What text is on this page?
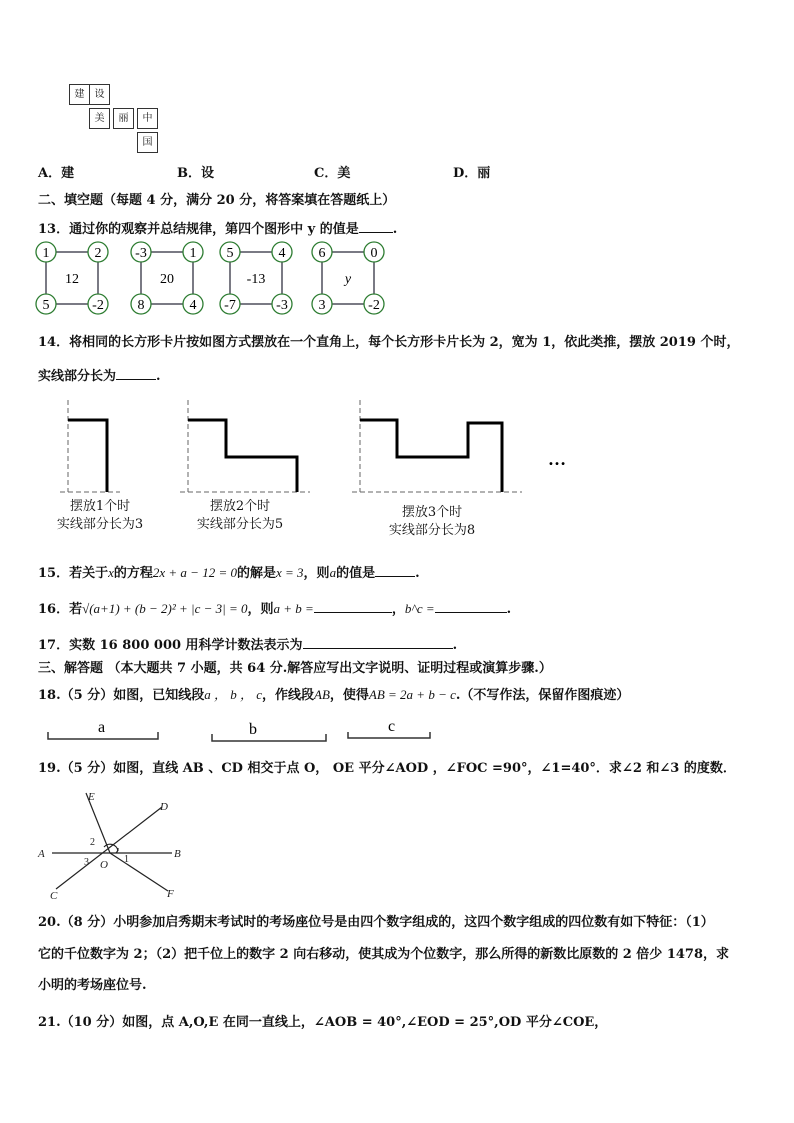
建	设
美	丽	中
国
A．建	B．设	C．美	D．丽
二、填空题（每题 4 分，满分 20 分，将答案填在答题纸上）
13．通过你的观察并总结规律，第四个图形中 y 的值是	.
1	2
5	-2
12
-3	1
8	4
20
5	4
-7	-3
-13
6	0
3	-2
y
14．将相同的长方形卡片按如图方式摆放在一个直角上，每个长方形卡片长为 2，宽为 1，依此类推，摆放 2019 个时，
实线部分长为	.
…
摆放1个时
实线部分长为3
摆放2个时
实线部分长为5
摆放3个时
实线部分长为8
15．若关于x的方程2x + a − 12 = 0的解是x = 3，则a的值是	.
16．若√(a+1) + (b − 2)² + |c − 3| = 0，则a + b =	，b^c =	.
17．实数 16 800 000 用科学计数法表示为	.
三、解答题 （本大题共 7 小题，共 64 分.解答应写出文字说明、证明过程或演算步骤.）
18.（5 分）如图，已知线段a ， b ， c，作线段AB，使得AB = 2a + b − c.（不写作法，保留作图痕迹）
a	b	c
19.（5 分）如图，直线 AB 、CD 相交于点 O， OE 平分∠AOD ，∠FOC =90°，∠1=40°．求∠2 和∠3 的度数．
E
D
A	B
C	F
O 1
2
3
20.（8 分）小明参加启秀期末考试时的考场座位号是由四个数字组成的，这四个数字组成的四位数有如下特征：（1）
它的千位数字为 2；（2）把千位上的数字 2 向右移动，使其成为个位数字，那么所得的新数比原数的 2 倍少 1478，求
小明的考场座位号.
21.（10 分）如图，点 A,O,E 在同一直线上，∠AOB = 40°,∠EOD = 25°,OD 平分∠COE，
